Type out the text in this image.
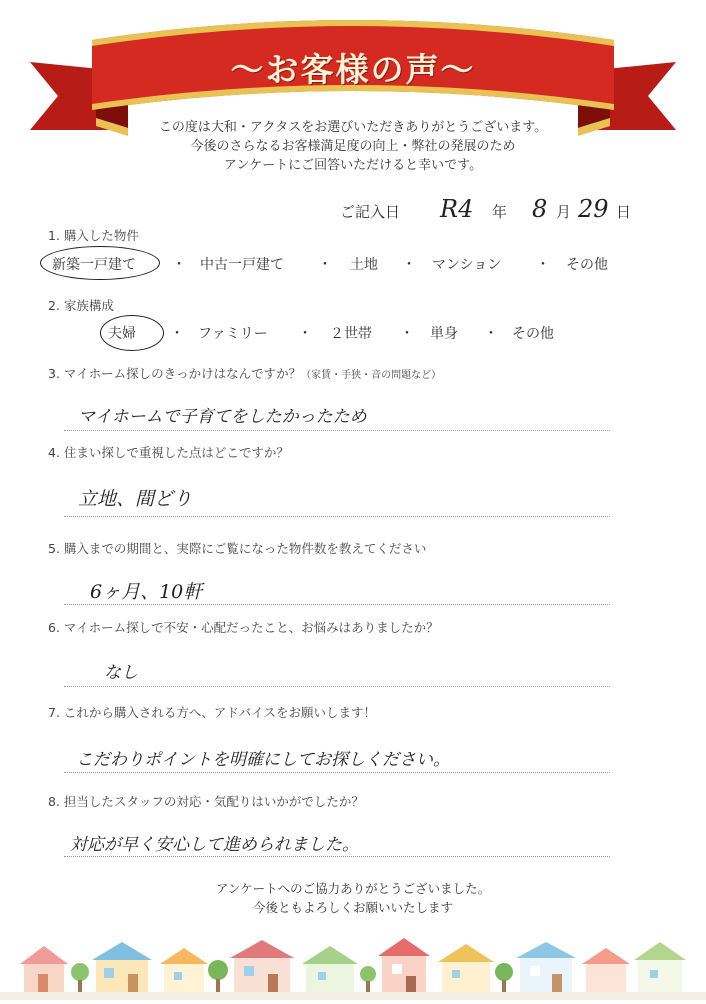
～お客様の声～
この度は大和・アクタスをお選びいただきありがとうございます。
今後のさらなるお客様満足度の向上・弊社の発展のため
アンケートにご回答いただけると幸いです。
ご記入日 R4 年 8 月 29 日
1. 購入した物件
新築一戸建て	・ 中古一戸建て ・ 土地 ・ マンション ・ その他
2. 家族構成
夫婦 ・ ファミリー ・ ２世帯 ・ 単身 ・ その他
3. マイホーム探しのきっかけはなんですか？（家賃・手狭・音の問題など）
マイホームで子育てをしたかったため
4. 住まい探しで重視した点はどこですか？
立地、間どり
5. 購入までの期間と、実際にご覧になった物件数を教えてください
6ヶ月、10軒
6. マイホーム探しで不安・心配だったこと、お悩みはありましたか？
なし
7. これから購入される方へ、アドバイスをお願いします！
こだわりポイントを明確にしてお探しください。
8. 担当したスタッフの対応・気配りはいかがでしたか？
対応が早く安心して進められました。
アンケートへのご協力ありがとうございました。
今後ともよろしくお願いいたします
